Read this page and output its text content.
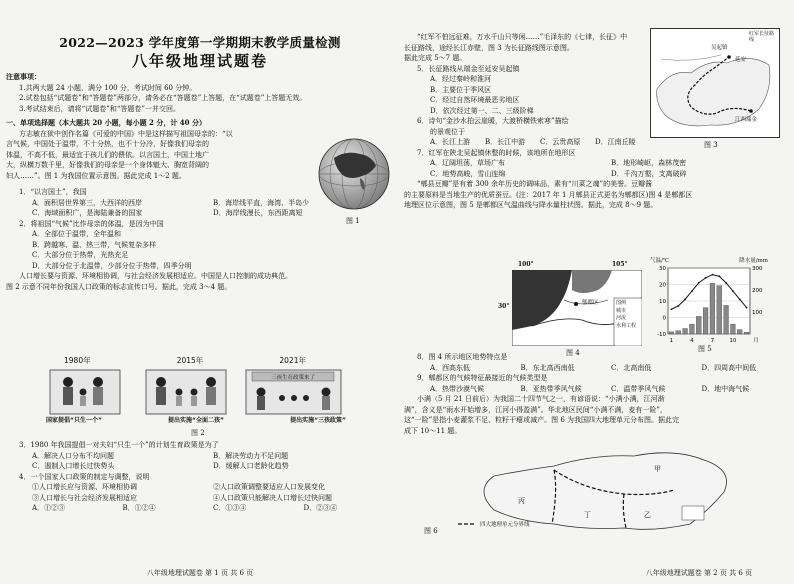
2022—2023 学年度第一学期期末教学质量检测
八年级地理试题卷

注意事项：

1.共两大题 24 小题，满分 100 分，考试时间 60 分钟。

2.试卷包括“试题卷”和“答题卷”两部分，请务必在“答题卷”上答题，在“试题卷”上答题无效。

3.考试结束后，请将“试题卷”和“答题卷”一并交回。

一、单项选择题（本大题共 20 小题，每小题 2 分，计 40 分）

方志敏在狱中创作名篇《可爱的中国》中是这样描写祖国母亲的：“以

言气候，中国处于温带，不十分热，也不十分冷，好像我们母亲的

体温，不高不低，最适宜于孩儿们的偎依。以言国土，中国土地广

大，纵横万数千里，好像我们的母亲是一个身体魁大、胸宽背阔的

妇人……”。图 1 为我国位置示意图。据此完成 1～2 题。

1．“以言国土”，我国

A．面积居世界第三，大西洋的西岸	B．海岸线平直，海湾、半岛少
C．海域面积广，是海陆兼备的国家	D．海岸线漫长，东西距离短

2．将祖国“气候”比作母亲的体温，是因为中国

A．全部位于温带，全年温和

B．跨越寒、温、热三带，气候复杂多样

C．大部分位于热带，光热充足

D．大部分位于北温带，少部分位于热带，四季分明

人口增长要与资源、环境相协调，与社会经济发展相适应。中国是人口控制的成功典范。

图 2 示意不同年份我国人口政策的标志宣传口号。据此，完成 3～4 题。

图 1
1980年	2015年	2021年
三孩生育政策来了
国家提倡“只生一个”	提出实施“全面二孩”	提出实施“三孩政策”
图 2

3．1980 年我国提倡一对夫妇“只生一个”的计划生育政策是为了

A．解决人口分布不均问题	B．解决劳动力不足问题
C．遏制人口增长过快势头	D．缓解人口老龄化趋势

4．一个国家人口政策的制定与调整，说明

①人口增长应与资源、环境相协调	②人口政策调整要适应人口发展变化
③人口增长与社会经济发展相适应	④人口政策只能解决人口增长过快问题
A．①②③	B．①②④	C．①③④	D．②③④
八年级地理试题卷 第 1 页 共 6 页

“红军不怕远征难，万水千山只等闲……”毛泽东的《七律，长征》中

长征路线，途经长江赤壁，图 3 为长征路线图示意图。

据此完成 5～7 题。

5．长征路线从瑞金至延安吴起镇

A．经过秦岭和淮河

B．主要位于季风区

C．经过自然环境最恶劣地区

D．依次经过第一、二、三级阶梯

6．诗句“金沙水拍云崖暖，大渡桥横铁索寒”描绘

的景观位于

A．长江上游	B．长江中游	C．云贵高原	D．江南丘陵

7．红军在陕北吴起镇休整的时候，该地所在地形区

A．辽阔坦荡，草场广布	B．地形崎岖，森林茂密
C．地势高峻，雪山连绵	D．千沟万壑，支离破碎

“郫县豆瓣”是有着 300 余年历史的调味品，素有“川菜之魂”的美誉。豆瓣酱

的主要原料是当地生产的优质蚕豆。(注：2017 年 1 月郫县正式更名为郫都区)图 4 是郫都区

地理区位示意图，图 5 是郫都区气温曲线与降水量柱状图。据此，完成 8～9 题。

吴起镇
延安
江西瑞金
红军长征路线
图 3
100°	105°
30°	郫都区	图例
城市
河流
水利工程
图 4
气温/℃	降水量/mm
30
20
10
0
-10
300
200
100
1	4	7	10	月
图 5

8．图 4 所示地区地势特点是

A．西高东低	B．东北高西南低	C．北高南低	D．四周高中间低

9．郫都区的气候特征最接近的气候类型是

A．热带沙漠气候	B．亚热带季风气候	C．温带季风气候	D．地中海气候

小满（5 月 21 日前后）为我国二十四节气之一，有谚语说：“小满小满，江河渐

满”，含义是“雨水开始增多，江河小得盈满”。华北地区民间“小满不满，麦有一险”，

这“一险”是指小麦灌浆不足、粒籽干瘪或减产。图 6 为我国四大地理单元分布图。据此完

成下 10～11 题。

甲
乙
丙
丁
四大地理单元分界线
图 6
八年级地理试题卷 第 2 页 共 6 页
